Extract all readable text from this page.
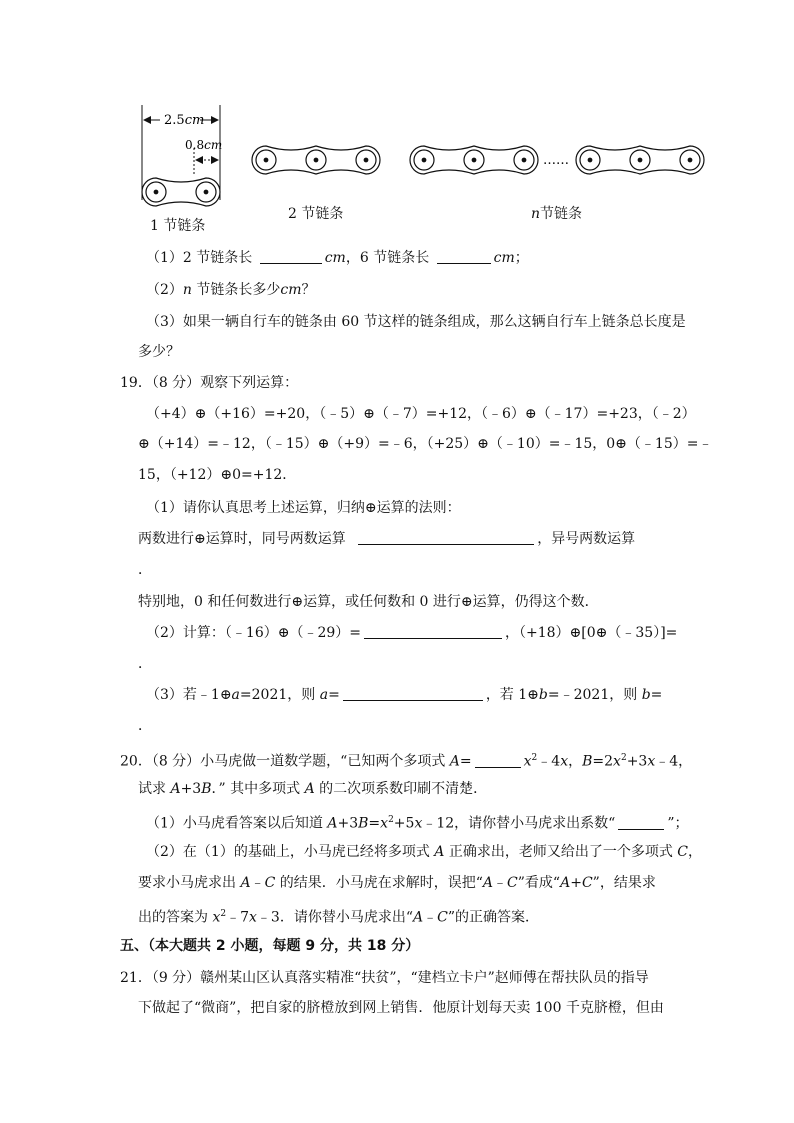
2.5cm
0.8cm
……
1 节链条
2 节链条	n节链条
（1）2 节链条长	cm，6 节链条长	cm；
（2）n 节链条长多少cm？
（3）如果一辆自行车的链条由 60 节这样的链条组成，那么这辆自行车上链条总长度是
多少？
19．（8 分）观察下列运算：
（+4）⊕（+16）=+20，（﹣5）⊕（﹣7）=+12，（﹣6）⊕（﹣17）=+23，（﹣2）
⊕（+14）=﹣12，（﹣15）⊕（+9）=﹣6，（+25）⊕（﹣10）=﹣15，0⊕（﹣15）=﹣
15，（+12）⊕0=+12．
（1）请你认真思考上述运算，归纳⊕运算的法则：
两数进行⊕运算时，同号两数运算	，异号两数运算
．
特别地，0 和任何数进行⊕运算，或任何数和 0 进行⊕运算，仍得这个数．
（2）计算：（﹣16）⊕（﹣29）=	，（+18）⊕[0⊕（﹣35）]=
．
（3）若﹣1⊕a=2021，则 a=	，若 1⊕b=﹣2021，则 b=
．
20．（8 分）小马虎做一道数学题，“已知两个多项式 A=	$x^2﹣4x$，$B=2x^2+3x﹣4$，
试求 A+3B．” 其中多项式 A 的二次项系数印刷不清楚．
（1）小马虎看答案以后知道 $A+3B=x^2+5x﹣12$，请你替小马虎求出系数“	”；
（2）在（1）的基础上，小马虎已经将多项式 A 正确求出，老师又给出了一个多项式 C，
要求小马虎求出 A﹣C 的结果．小马虎在求解时，误把“A﹣C”看成“A+C”，结果求
出的答案为 $x^2﹣7x﹣3$．请你替小马虎求出“A﹣C”的正确答案．
五、（本大题共 2 小题，每题 9 分，共 18 分）
21．（9 分）赣州某山区认真落实精准“扶贫”，“建档立卡户”赵师傅在帮扶队员的指导
下做起了“微商”，把自家的脐橙放到网上销售．他原计划每天卖 100 千克脐橙，但由
